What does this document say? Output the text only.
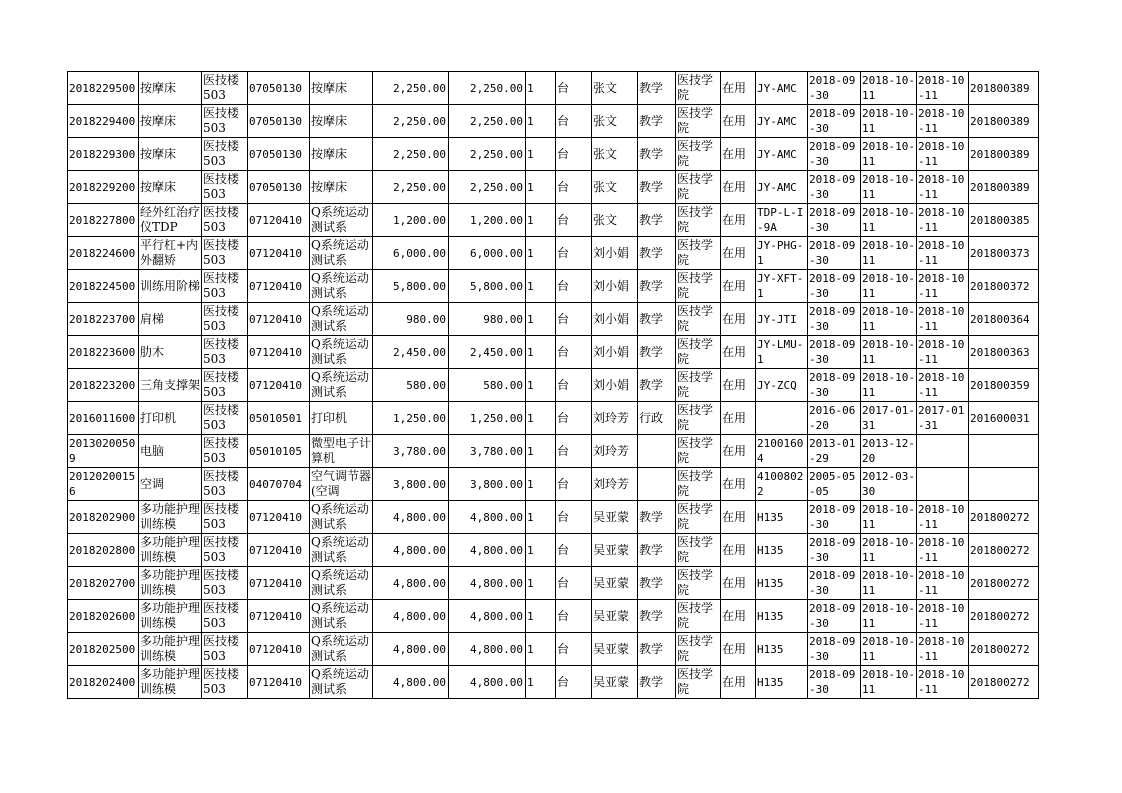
2018229500	按摩床	医技楼503	07050130	按摩床	2,250.00	2,250.00	1	台	张文	教学	医技学院	在用	JY-AMC	2018-09-30	2018-10-11	2018-10-11	201800389
2018229400	按摩床	医技楼503	07050130	按摩床	2,250.00	2,250.00	1	台	张文	教学	医技学院	在用	JY-AMC	2018-09-30	2018-10-11	2018-10-11	201800389
2018229300	按摩床	医技楼503	07050130	按摩床	2,250.00	2,250.00	1	台	张文	教学	医技学院	在用	JY-AMC	2018-09-30	2018-10-11	2018-10-11	201800389
2018229200	按摩床	医技楼503	07050130	按摩床	2,250.00	2,250.00	1	台	张文	教学	医技学院	在用	JY-AMC	2018-09-30	2018-10-11	2018-10-11	201800389
2018227800	经外红治疗仪TDP	医技楼503	07120410	Q系统运动测试系	1,200.00	1,200.00	1	台	张文	教学	医技学院	在用	TDP-L-I-9A	2018-09-30	2018-10-11	2018-10-11	201800385
2018224600	平行杠+内外翻矫	医技楼503	07120410	Q系统运动测试系	6,000.00	6,000.00	1	台	刘小娟	教学	医技学院	在用	JY-PHG-1	2018-09-30	2018-10-11	2018-10-11	201800373
2018224500	训练用阶梯	医技楼503	07120410	Q系统运动测试系	5,800.00	5,800.00	1	台	刘小娟	教学	医技学院	在用	JY-XFT-1	2018-09-30	2018-10-11	2018-10-11	201800372
2018223700	肩梯	医技楼503	07120410	Q系统运动测试系	980.00	980.00	1	台	刘小娟	教学	医技学院	在用	JY-JTI	2018-09-30	2018-10-11	2018-10-11	201800364
2018223600	肋木	医技楼503	07120410	Q系统运动测试系	2,450.00	2,450.00	1	台	刘小娟	教学	医技学院	在用	JY-LMU-1	2018-09-30	2018-10-11	2018-10-11	201800363
2018223200	三角支撑架	医技楼503	07120410	Q系统运动测试系	580.00	580.00	1	台	刘小娟	教学	医技学院	在用	JY-ZCQ	2018-09-30	2018-10-11	2018-10-11	201800359
2016011600	打印机	医技楼503	05010501	打印机	1,250.00	1,250.00	1	台	刘玲芳	行政	医技学院	在用		2016-06-20	2017-01-31	2017-01-31	201600031
20130200509	电脑	医技楼503	05010105	微型电子计算机	3,780.00	3,780.00	1	台	刘玲芳		医技学院	在用	21001604	2013-01-29	2013-12-20		
20120200156	空调	医技楼503	04070704	空气调节器(空调	3,800.00	3,800.00	1	台	刘玲芳		医技学院	在用	41008022	2005-05-05	2012-03-30		
2018202900	多功能护理训练模	医技楼503	07120410	Q系统运动测试系	4,800.00	4,800.00	1	台	吴亚蒙	教学	医技学院	在用	H135	2018-09-30	2018-10-11	2018-10-11	201800272
2018202800	多功能护理训练模	医技楼503	07120410	Q系统运动测试系	4,800.00	4,800.00	1	台	吴亚蒙	教学	医技学院	在用	H135	2018-09-30	2018-10-11	2018-10-11	201800272
2018202700	多功能护理训练模	医技楼503	07120410	Q系统运动测试系	4,800.00	4,800.00	1	台	吴亚蒙	教学	医技学院	在用	H135	2018-09-30	2018-10-11	2018-10-11	201800272
2018202600	多功能护理训练模	医技楼503	07120410	Q系统运动测试系	4,800.00	4,800.00	1	台	吴亚蒙	教学	医技学院	在用	H135	2018-09-30	2018-10-11	2018-10-11	201800272
2018202500	多功能护理训练模	医技楼503	07120410	Q系统运动测试系	4,800.00	4,800.00	1	台	吴亚蒙	教学	医技学院	在用	H135	2018-09-30	2018-10-11	2018-10-11	201800272
2018202400	多功能护理训练模	医技楼503	07120410	Q系统运动测试系	4,800.00	4,800.00	1	台	吴亚蒙	教学	医技学院	在用	H135	2018-09-30	2018-10-11	2018-10-11	201800272
